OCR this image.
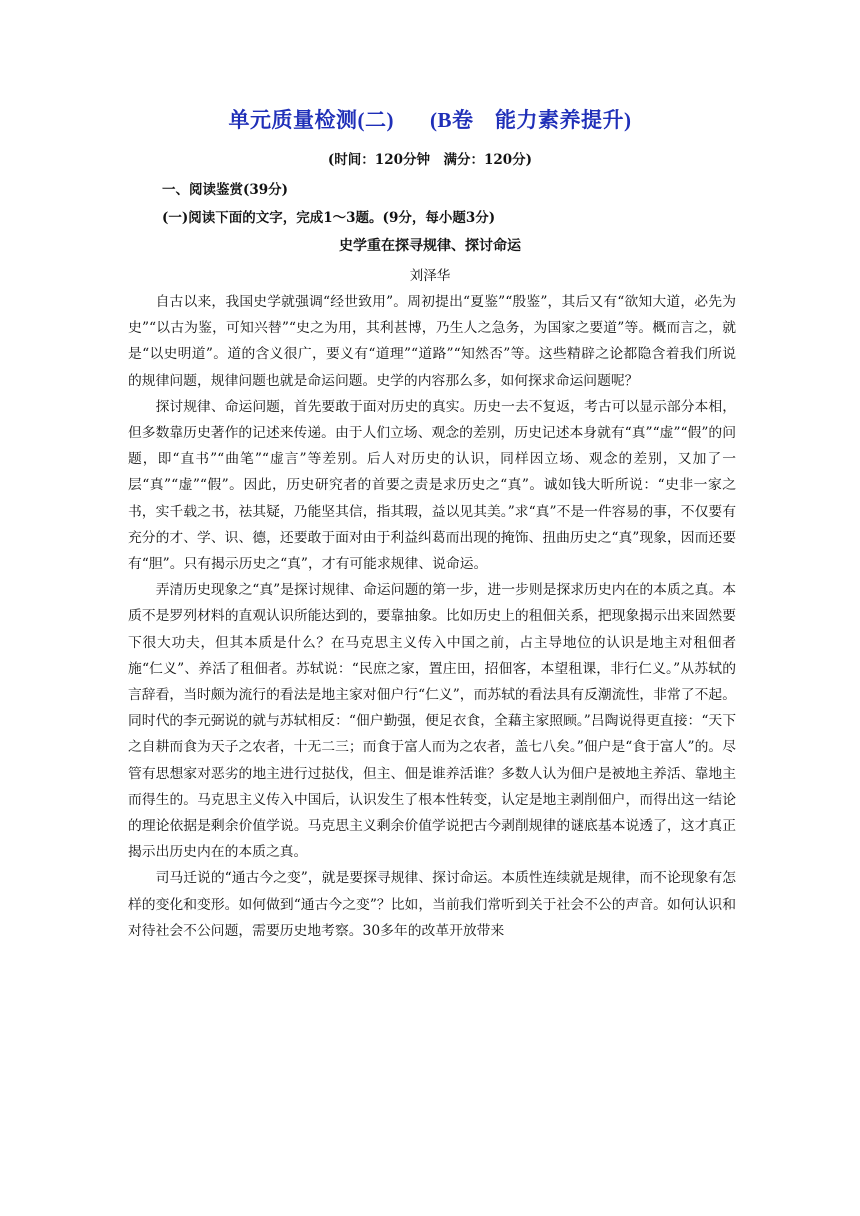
单元质量检测(二) (B卷　能力素养提升)
(时间：120分钟　满分：120分)
一、阅读鉴赏(39分)
(一)阅读下面的文字，完成1～3题。(9分，每小题3分)
史学重在探寻规律、探讨命运
刘泽华

自古以来，我国史学就强调“经世致用”。周初提出“夏鉴”“殷鉴”，其后又有“欲知大道，必先为史”“以古为鉴，可知兴替”“史之为用，其利甚博，乃生人之急务，为国家之要道”等。概而言之，就是“以史明道”。道的含义很广，要义有“道理”“道路”“知然否”等。这些精辟之论都隐含着我们所说的规律问题，规律问题也就是命运问题。史学的内容那么多，如何探求命运问题呢？

探讨规律、命运问题，首先要敢于面对历史的真实。历史一去不复返，考古可以显示部分本相，但多数靠历史著作的记述来传递。由于人们立场、观念的差别，历史记述本身就有“真”“虚”“假”的问题，即“直书”“曲笔”“虚言”等差别。后人对历史的认识，同样因立场、观念的差别，又加了一层“真”“虚”“假”。因此，历史研究者的首要之责是求历史之“真”。诚如钱大昕所说：“史非一家之书，实千载之书，祛其疑，乃能坚其信，指其瑕，益以见其美。”求“真”不是一件容易的事，不仅要有充分的才、学、识、德，还要敢于面对由于利益纠葛而出现的掩饰、扭曲历史之“真”现象，因而还要有“胆”。只有揭示历史之“真”，才有可能求规律、说命运。

弄清历史现象之“真”是探讨规律、命运问题的第一步，进一步则是探求历史内在的本质之真。本质不是罗列材料的直观认识所能达到的，要靠抽象。比如历史上的租佃关系，把现象揭示出来固然要下很大功夫，但其本质是什么？在马克思主义传入中国之前，占主导地位的认识是地主对租佃者施“仁义”、养活了租佃者。苏轼说：“民庶之家，置庄田，招佃客，本望租课，非行仁义。”从苏轼的言辞看，当时颇为流行的看法是地主家对佃户行“仁义”，而苏轼的看法具有反潮流性，非常了不起。同时代的李元弼说的就与苏轼相反：“佃户勤强，便足衣食，全藉主家照顾。”吕陶说得更直接：“天下之自耕而食为天子之农者，十无二三；而食于富人而为之农者，盖七八矣。”佃户是“食于富人”的。尽管有思想家对恶劣的地主进行过挞伐，但主、佃是谁养活谁？多数人认为佃户是被地主养活、靠地主而得生的。马克思主义传入中国后，认识发生了根本性转变，认定是地主剥削佃户，而得出这一结论的理论依据是剩余价值学说。马克思主义剩余价值学说把古今剥削规律的谜底基本说透了，这才真正揭示出历史内在的本质之真。

司马迁说的“通古今之变”，就是要探寻规律、探讨命运。本质性连续就是规律，而不论现象有怎样的变化和变形。如何做到“通古今之变”？比如，当前我们常听到关于社会不公的声音。如何认识和对待社会不公问题，需要历史地考察。30多年的改革开放带来
